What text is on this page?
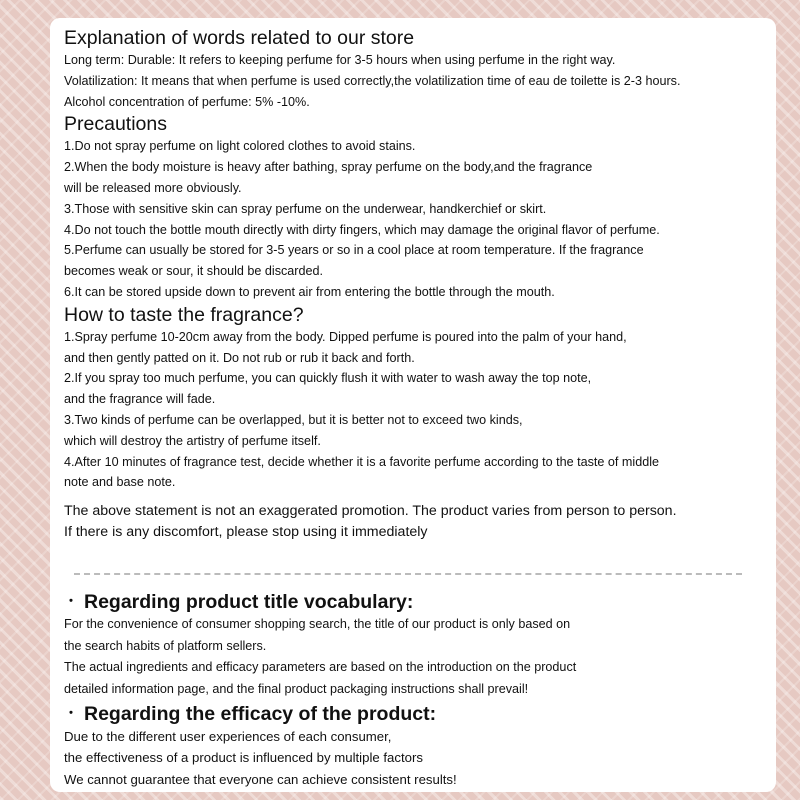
Explanation of words related to our store
Long term: Durable: It refers to keeping perfume for 3-5 hours when using perfume in the right way.
Volatilization: It means that when perfume is used correctly,the volatilization time of eau de toilette is 2-3 hours.
Alcohol concentration of perfume: 5% -10%.
Precautions
1.Do not spray perfume on light colored clothes to avoid stains.
2.When the body moisture is heavy after bathing, spray perfume on the body,and the fragrance
will be released more obviously.
3.Those with sensitive skin can spray perfume on the underwear, handkerchief or skirt.
4.Do not touch the bottle mouth directly with dirty fingers, which may damage the original flavor of perfume.
5.Perfume can usually be stored for 3-5 years or so in a cool place at room temperature. If the fragrance
becomes weak or sour, it should be discarded.
6.It can be stored upside down to prevent air from entering the bottle through the mouth.
How to taste the fragrance?
1.Spray perfume 10-20cm away from the body. Dipped perfume is poured into the palm of your hand,
and then gently patted on it. Do not rub or rub it back and forth.
2.If you spray too much perfume, you can quickly flush it with water to wash away the top note,
and the fragrance will fade.
3.Two kinds of perfume can be overlapped, but it is better not to exceed two kinds,
which will destroy the artistry of perfume itself.
4.After 10 minutes of fragrance test, decide whether it is a favorite perfume according to the taste of middle
note and base note.

The above statement is not an exaggerated promotion. The product varies from person to person.

If there is any discomfort, please stop using it immediately

・ Regarding product title vocabulary:
For the convenience of consumer shopping search, the title of our product is only based on
the search habits of platform sellers.
The actual ingredients and efficacy parameters are based on the introduction on the product
detailed information page, and the final product packaging instructions shall prevail!
・ Regarding the efficacy of the product:
Due to the different user experiences of each consumer,
the effectiveness of a product is influenced by multiple factors
We cannot guarantee that everyone can achieve consistent results!
